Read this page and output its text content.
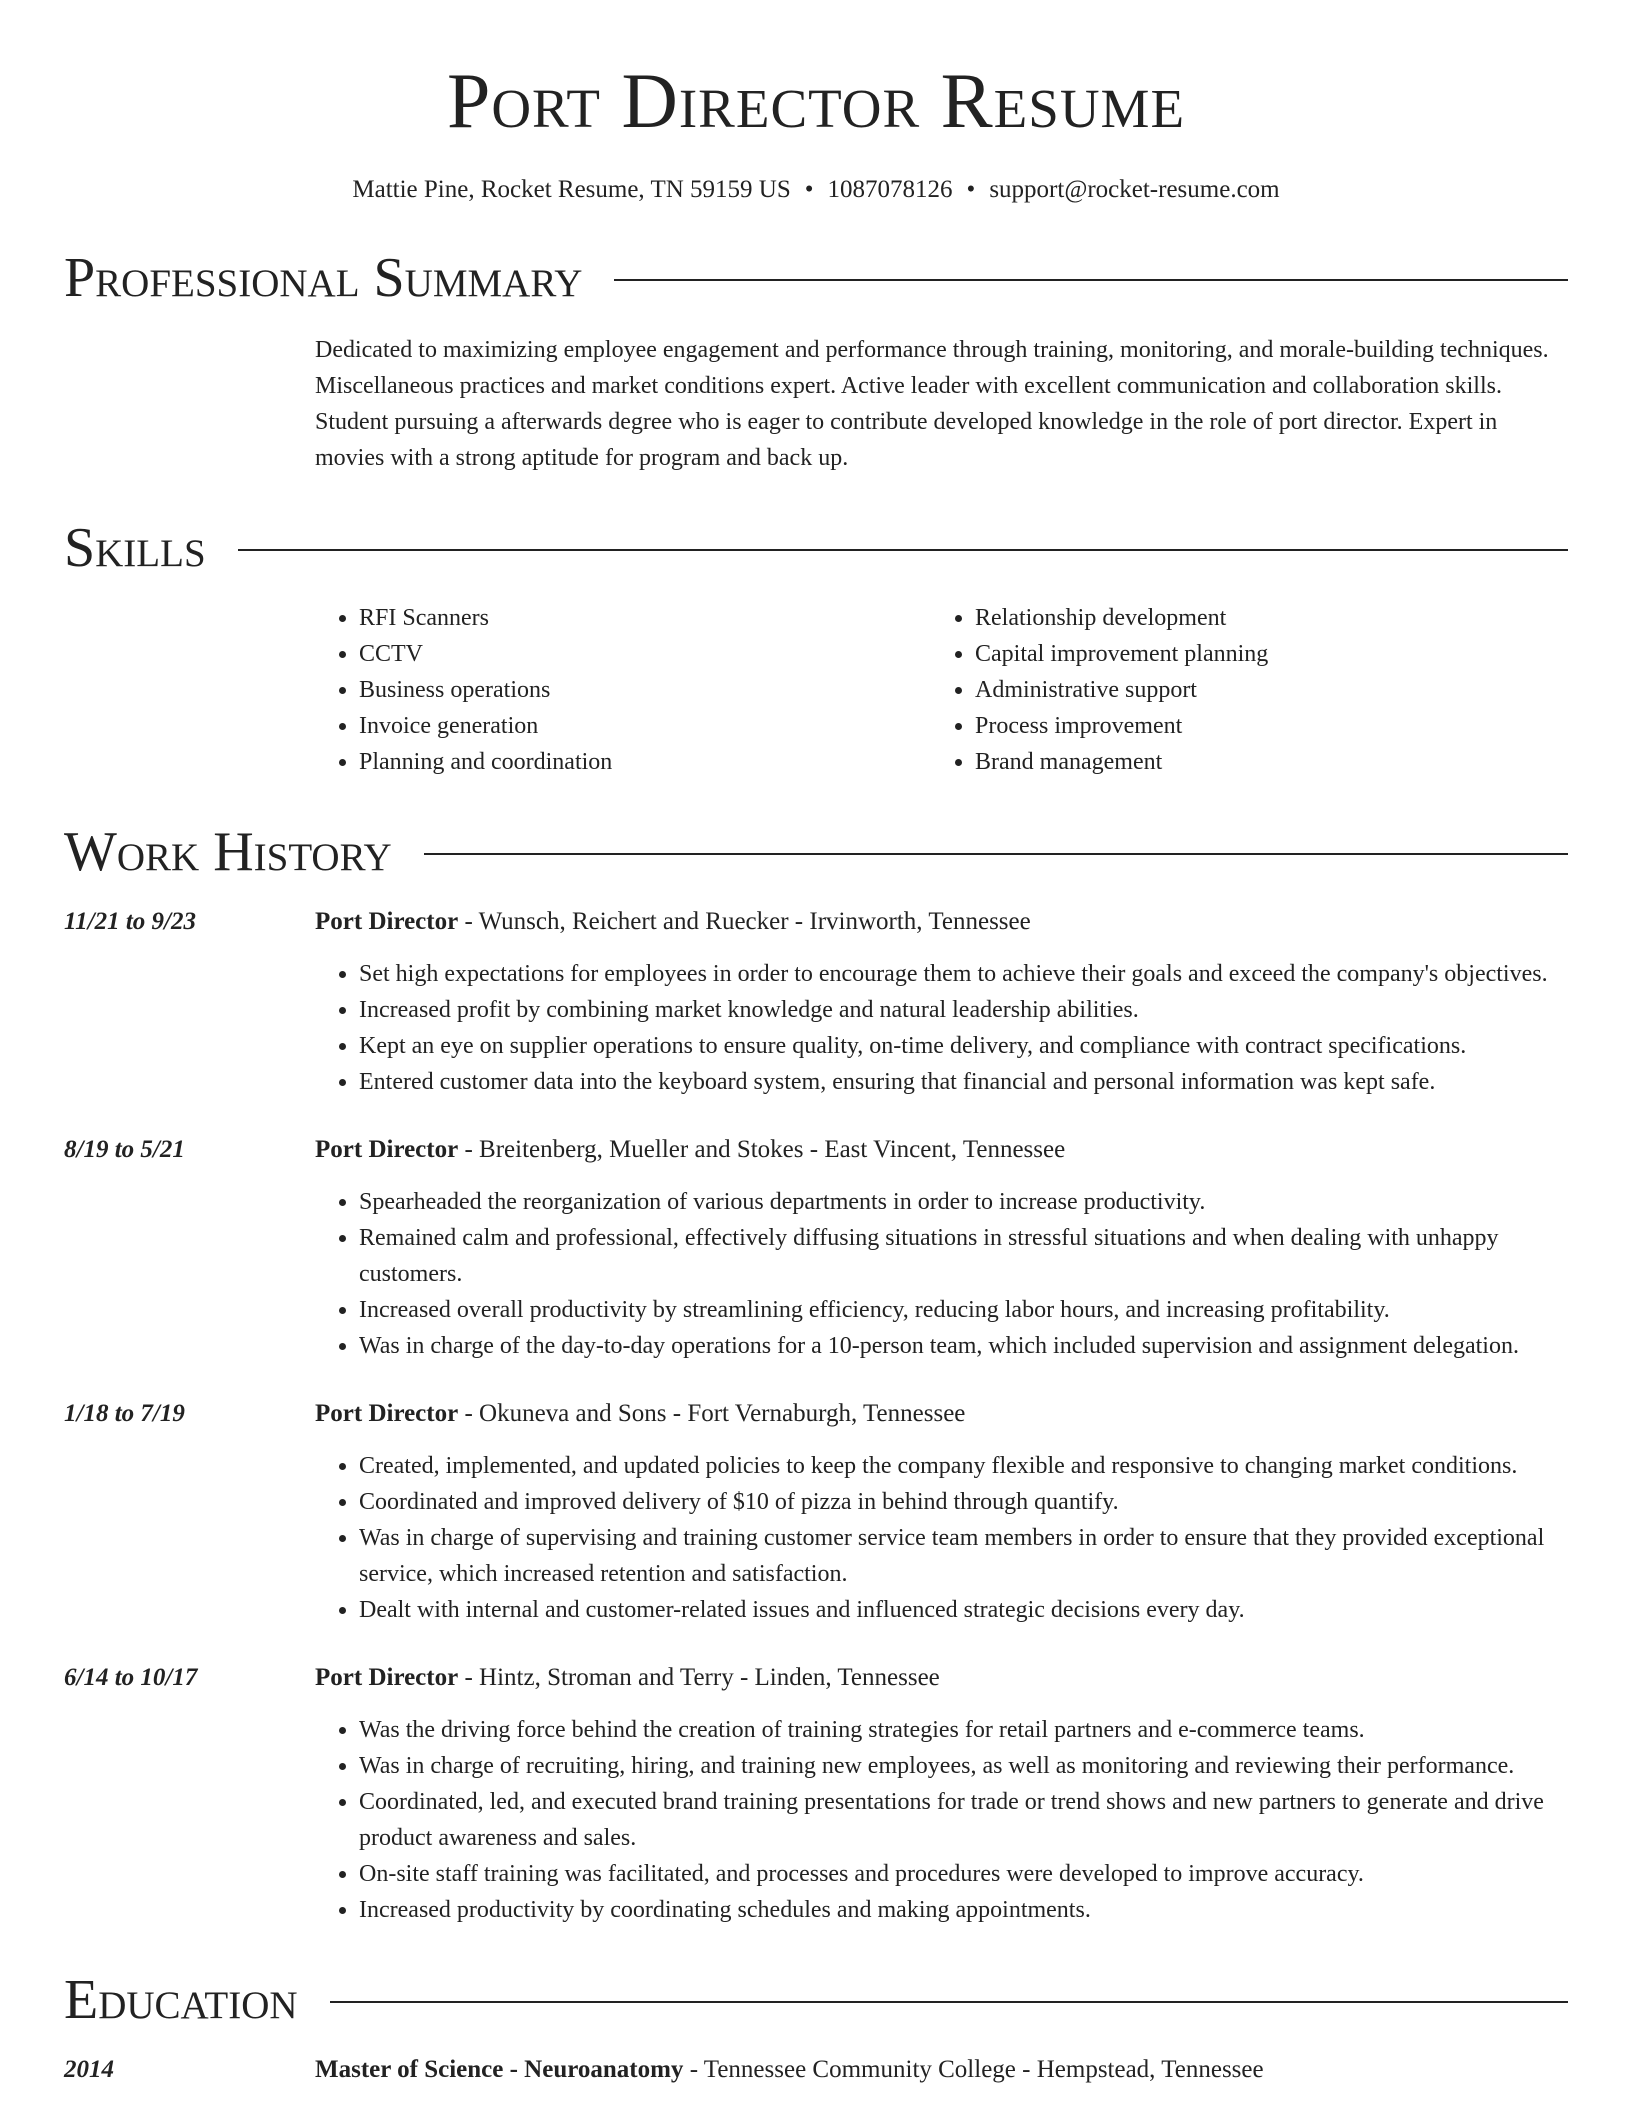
Port Director Resume
Mattie Pine, Rocket Resume, TN 59159 US • 1087078126 • support@rocket-resume.com
Professional Summary
Dedicated to maximizing employee engagement and performance through training, monitoring, and morale-building techniques. Miscellaneous practices and market conditions expert. Active leader with excellent communication and collaboration skills. Student pursuing a afterwards degree who is eager to contribute developed knowledge in the role of port director. Expert in movies with a strong aptitude for program and back up.
Skills
• RFI Scanners
• CCTV
• Business operations
• Invoice generation
• Planning and coordination
• Relationship development
• Capital improvement planning
• Administrative support
• Process improvement
• Brand management
Work History
11/21 to 9/23	Port Director - Wunsch, Reichert and Ruecker - Irvinworth, Tennessee
• Set high expectations for employees in order to encourage them to achieve their goals and exceed the company's objectives.
• Increased profit by combining market knowledge and natural leadership abilities.
• Kept an eye on supplier operations to ensure quality, on-time delivery, and compliance with contract specifications.
• Entered customer data into the keyboard system, ensuring that financial and personal information was kept safe.
8/19 to 5/21	Port Director - Breitenberg, Mueller and Stokes - East Vincent, Tennessee
• Spearheaded the reorganization of various departments in order to increase productivity.
• Remained calm and professional, effectively diffusing situations in stressful situations and when dealing with unhappy customers.
• Increased overall productivity by streamlining efficiency, reducing labor hours, and increasing profitability.
• Was in charge of the day-to-day operations for a 10-person team, which included supervision and assignment delegation.
1/18 to 7/19	Port Director - Okuneva and Sons - Fort Vernaburgh, Tennessee
• Created, implemented, and updated policies to keep the company flexible and responsive to changing market conditions.
• Coordinated and improved delivery of $10 of pizza in behind through quantify.
• Was in charge of supervising and training customer service team members in order to ensure that they provided exceptional service, which increased retention and satisfaction.
• Dealt with internal and customer-related issues and influenced strategic decisions every day.
6/14 to 10/17	Port Director - Hintz, Stroman and Terry - Linden, Tennessee
• Was the driving force behind the creation of training strategies for retail partners and e-commerce teams.
• Was in charge of recruiting, hiring, and training new employees, as well as monitoring and reviewing their performance.
• Coordinated, led, and executed brand training presentations for trade or trend shows and new partners to generate and drive product awareness and sales.
• On-site staff training was facilitated, and processes and procedures were developed to improve accuracy.
• Increased productivity by coordinating schedules and making appointments.
Education
2014	Master of Science - Neuroanatomy - Tennessee Community College - Hempstead, Tennessee
